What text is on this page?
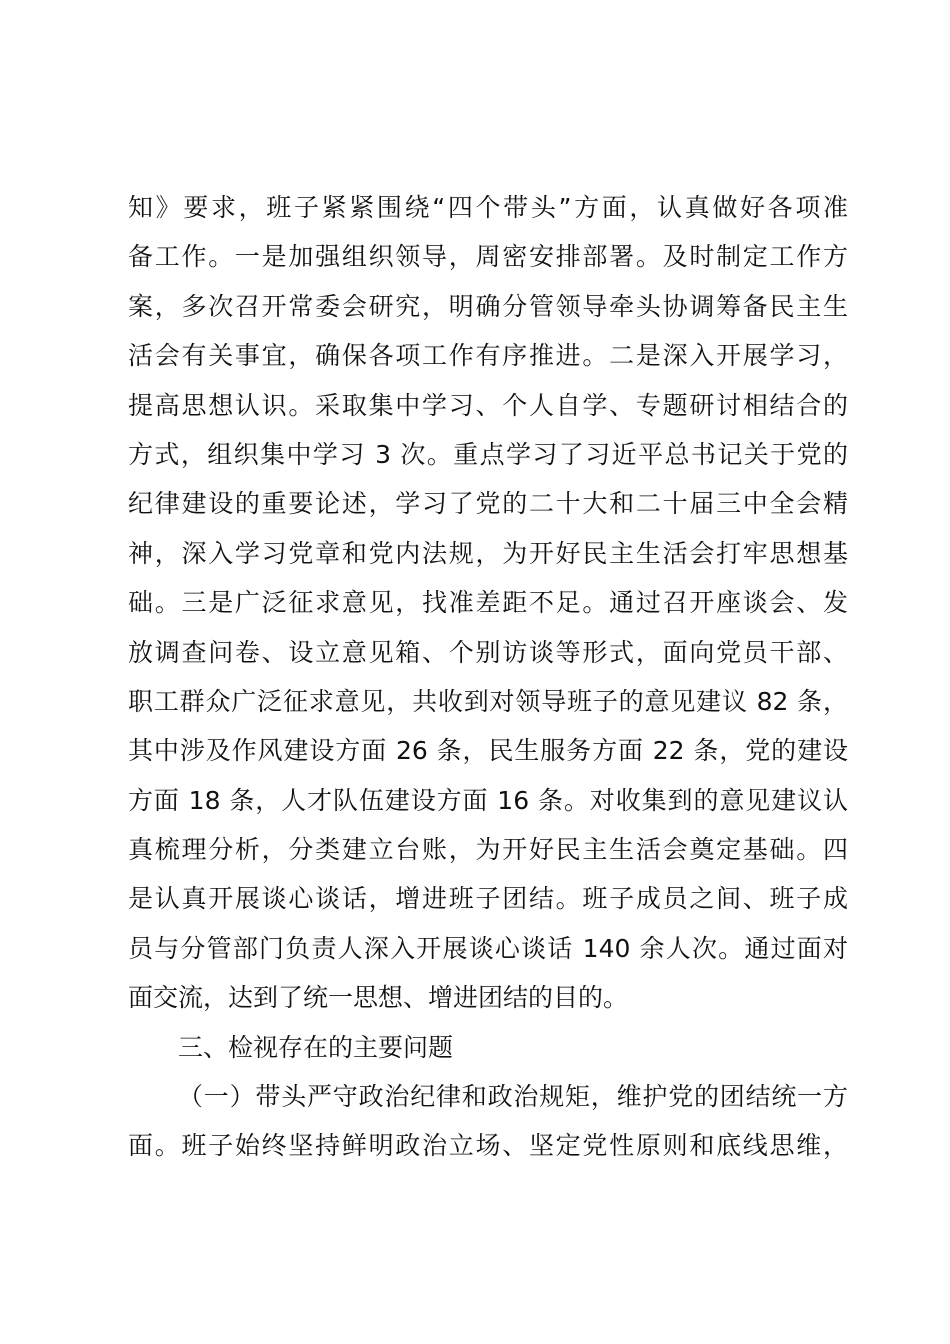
知》要求，班子紧紧围绕“四个带头”方面，认真做好各项准
备工作。一是加强组织领导，周密安排部署。及时制定工作方
案，多次召开常委会研究，明确分管领导牵头协调筹备民主生
活会有关事宜，确保各项工作有序推进。二是深入开展学习，
提高思想认识。采取集中学习、个人自学、专题研讨相结合的
方式，组织集中学习 3 次。重点学习了习近平总书记关于党的
纪律建设的重要论述，学习了党的二十大和二十届三中全会精
神，深入学习党章和党内法规，为开好民主生活会打牢思想基
础。三是广泛征求意见，找准差距不足。通过召开座谈会、发
放调查问卷、设立意见箱、个别访谈等形式，面向党员干部、
职工群众广泛征求意见，共收到对领导班子的意见建议 82 条，
其中涉及作风建设方面 26 条，民生服务方面 22 条，党的建设
方面 18 条，人才队伍建设方面 16 条。对收集到的意见建议认
真梳理分析，分类建立台账，为开好民主生活会奠定基础。四
是认真开展谈心谈话，增进班子团结。班子成员之间、班子成
员与分管部门负责人深入开展谈心谈话 140 余人次。通过面对
面交流，达到了统一思想、增进团结的目的。
三、检视存在的主要问题
（一）带头严守政治纪律和政治规矩，维护党的团结统一方
面。班子始终坚持鲜明政治立场、坚定党性原则和底线思维，
